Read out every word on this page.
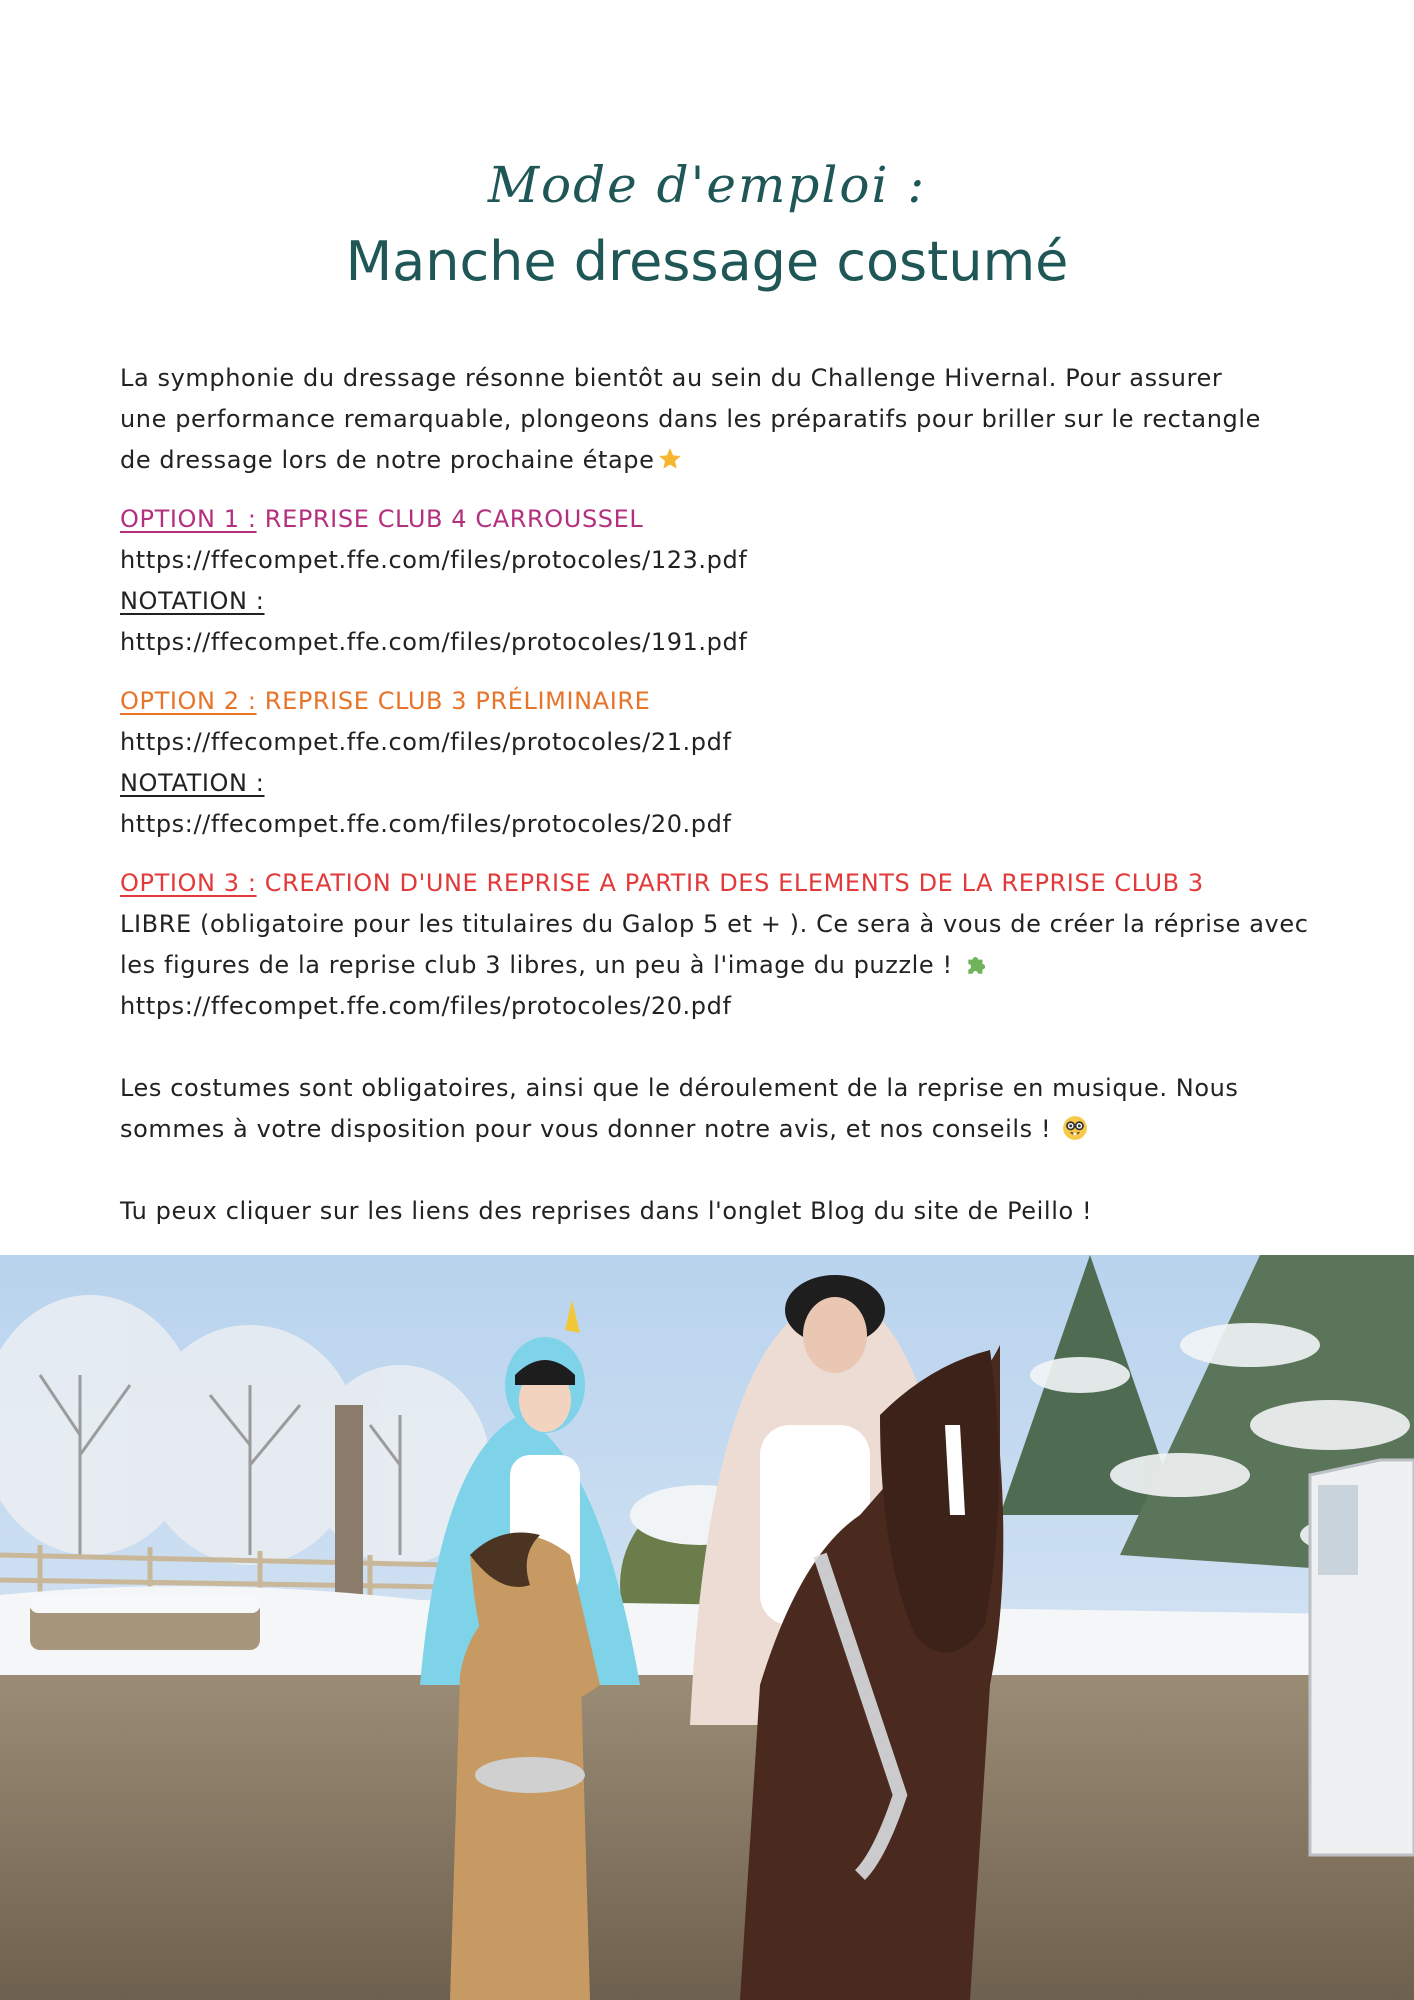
Mode d'emploi :
Manche dressage costumé

La symphonie du dressage résonne bientôt au sein du Challenge Hivernal. Pour assurer

une performance remarquable, plongeons dans les préparatifs pour briller sur le rectangle

de dressage lors de notre prochaine étape

OPTION 1 : REPRISE CLUB 4 CARROUSSEL

https://ffecompet.ffe.com/files/protocoles/123.pdf

NOTATION :

https://ffecompet.ffe.com/files/protocoles/191.pdf

OPTION 2 : REPRISE CLUB 3 PRÉLIMINAIRE

https://ffecompet.ffe.com/files/protocoles/21.pdf

NOTATION :

https://ffecompet.ffe.com/files/protocoles/20.pdf

OPTION 3 : CREATION D'UNE REPRISE A PARTIR DES ELEMENTS DE LA REPRISE CLUB 3

LIBRE (obligatoire pour les titulaires du Galop 5 et + ). Ce sera à vous de créer la réprise avec

les figures de la reprise club 3 libres, un peu à l'image du puzzle !

https://ffecompet.ffe.com/files/protocoles/20.pdf

Les costumes sont obligatoires, ainsi que le déroulement de la reprise en musique. Nous

sommes à votre disposition pour vous donner notre avis, et nos conseils !

Tu peux cliquer sur les liens des reprises dans l'onglet Blog du site de Peillo !
